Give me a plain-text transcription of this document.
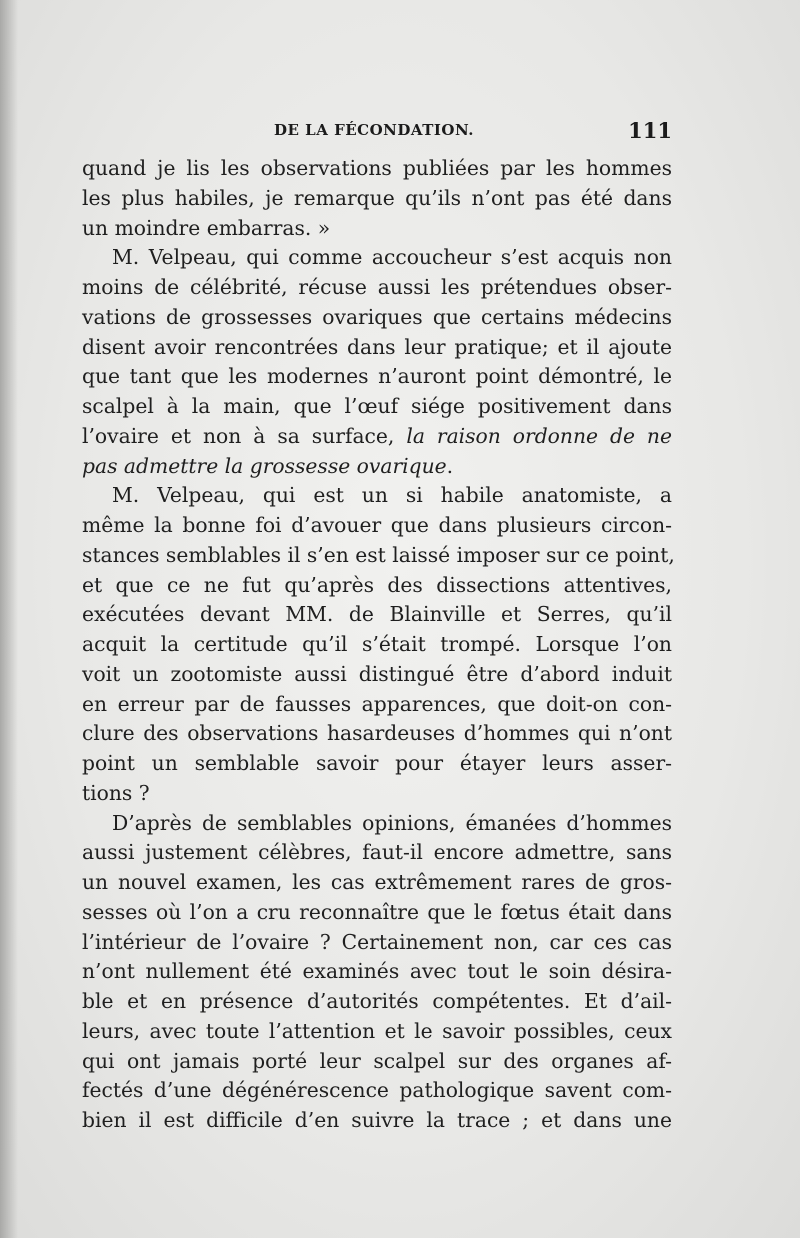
DE LA FÉCONDATION.	111
quand je lis les observations publiées par les hommes
les plus habiles, je remarque qu’ils n’ont pas été dans
un moindre embarras. »
M. Velpeau, qui comme accoucheur s’est acquis non
moins de célébrité, récuse aussi les prétendues obser-
vations de grossesses ovariques que certains médecins
disent avoir rencontrées dans leur pratique; et il ajoute
que tant que les modernes n’auront point démontré, le
scalpel à la main, que l’œuf siége positivement dans
l’ovaire et non à sa surface, la raison ordonne de ne
pas admettre la grossesse ovarique.
M. Velpeau, qui est un si habile anatomiste, a
même la bonne foi d’avouer que dans plusieurs circon-
stances semblables il s’en est laissé imposer sur ce point,
et que ce ne fut qu’après des dissections attentives,
exécutées devant MM. de Blainville et Serres, qu’il
acquit la certitude qu’il s’était trompé. Lorsque l’on
voit un zootomiste aussi distingué être d’abord induit
en erreur par de fausses apparences, que doit-on con-
clure des observations hasardeuses d’hommes qui n’ont
point un semblable savoir pour étayer leurs asser-
tions ?
D’après de semblables opinions, émanées d’hommes
aussi justement célèbres, faut-il encore admettre, sans
un nouvel examen, les cas extrêmement rares de gros-
sesses où l’on a cru reconnaître que le fœtus était dans
l’intérieur de l’ovaire ? Certainement non, car ces cas
n’ont nullement été examinés avec tout le soin désira-
ble et en présence d’autorités compétentes. Et d’ail-
leurs, avec toute l’attention et le savoir possibles, ceux
qui ont jamais porté leur scalpel sur des organes af-
fectés d’une dégénérescence pathologique savent com-
bien il est difficile d’en suivre la trace ; et dans une
